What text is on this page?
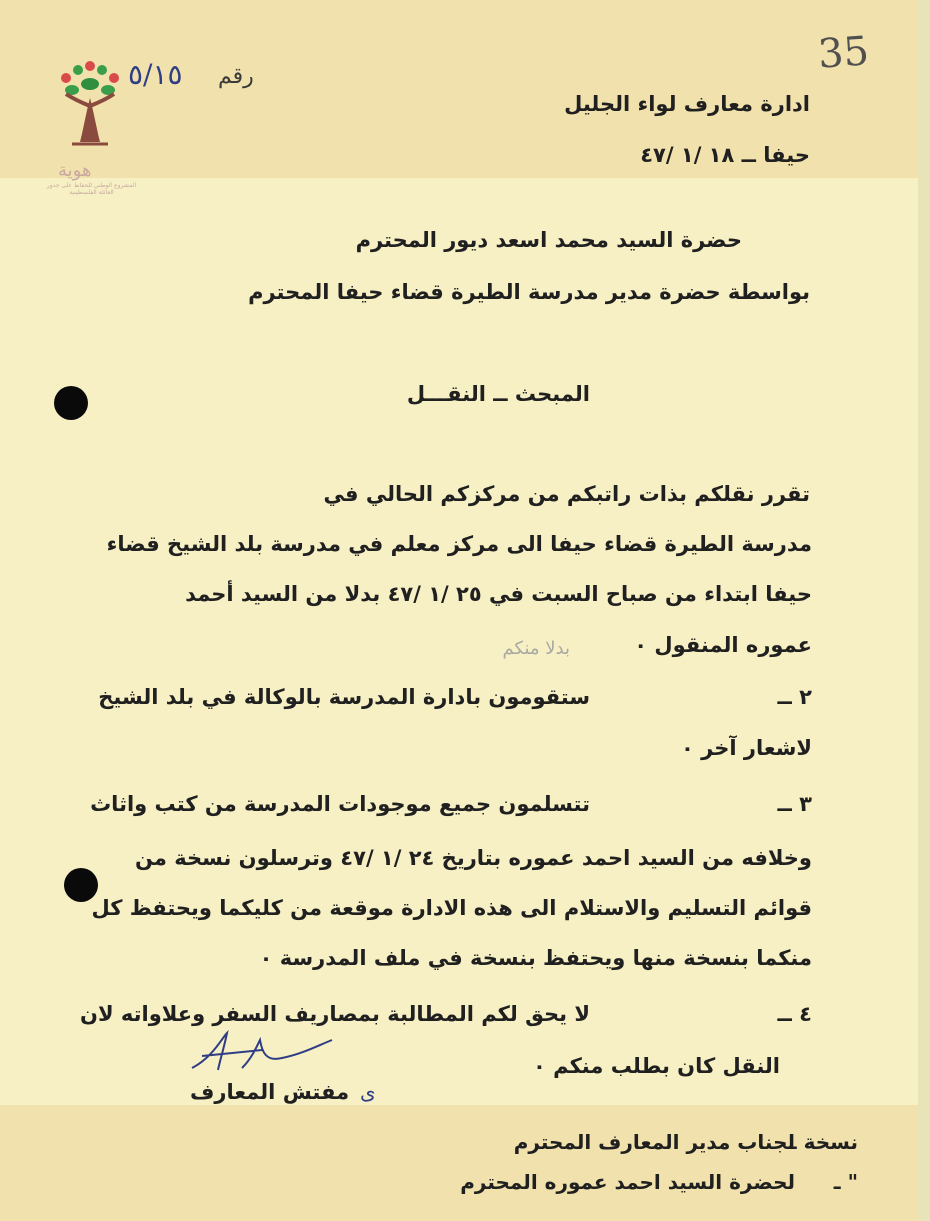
هوية
المشروع الوطني للحفاظ على جذور العائلة الفلسطينية
35
٥/١٥ رقم
ادارة معارف لواء الجليل
حيفا ــ ١٨ /١ /٤٧
حضرة السيد محمد اسعد ديور المحترم
بواسطة حضرة مدير مدرسة الطيرة قضاء حيفا المحترم
المبحث ــ النقـــل
تقرر نقلكم بذات راتبكم من مركزكم الحالي في
مدرسة الطيرة قضاء حيفا الى مركز معلم في مدرسة بلد الشيخ قضاء
حيفا ابتداء من صباح السبت في ٢٥ /١ /٤٧ بدلا من السيد أحمد
عموره المنقول ٠
بدلا منكم
٢ ــ
ستقومون بادارة المدرسة بالوكالة في بلد الشيخ
لاشعار آخر ٠
٣ ــ
تتسلمون جميع موجودات المدرسة من كتب واثاث
وخلافه من السيد احمد عموره بتاريخ ٢٤ /١ /٤٧ وترسلون نسخة من
قوائم التسليم والاستلام الى هذه الادارة موقعة من كليكما ويحتفظ كل
منكما بنسخة منها ويحتفظ بنسخة في ملف المدرسة ٠
٤ ــ
لا يحق لكم المطالبة بمصاريف السفر وعلاواته لان
النقل كان بطلب منكم ٠
ى
مفتش المعارف
نسخة ـ
لجناب مدير المعارف المحترم
" ـ
لحضرة السيد احمد عموره المحترم
